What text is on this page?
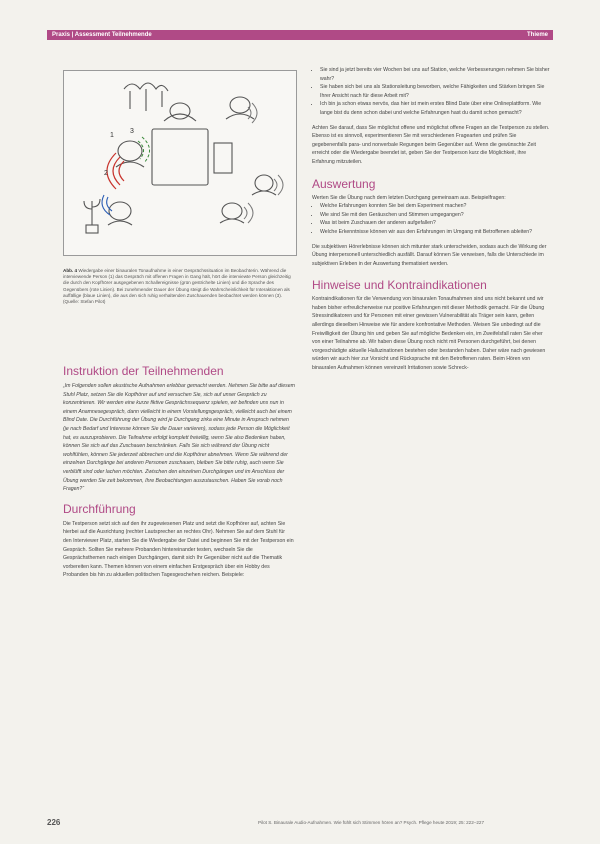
Praxis | Assessment Teilnehmende	Thieme
1
2
3
Abb. 4 Wiedergabe einer binauralen Tonaufnahme in einer Gesprächssituation im Beobachterin. Während die interviewende Person (1) das Gespräch mit offenen Fragen in Gang hält, hört die interviewte Person gleichzeitig die durch den Kopfhörer ausgegebenen Schallereignisse (grün gestrichelte Linien) und die Sprache des Gegenübers (rote Linien). Bei zunehmender Dauer der Übung steigt die Wahrscheinlichkeit für Interaktionen als auffällige (blaue Linien), die aus den sich ruhig verhaltenden Zuschauenden beobachtet werden können (3). (Quelle: Stefan Pilot)
Instruktion der Teilnehmenden

„Im Folgenden sollen akustische Aufnahmen erlebbar gemacht werden. Nehmen Sie bitte auf diesem Stuhl Platz, setzen Sie die Kopfhörer auf und versuchen Sie, sich auf unser Gespräch zu konzentrieren. Wir werden eine kurze fiktive Gesprächssequenz spielen, wir befinden uns nun in einem Anamnesegespräch, dann vielleicht in einem Vorstellungsgespräch, vielleicht auch bei einem Blind Date. Die Durchführung der Übung wird je Durchgang zirka eine Minute in Anspruch nehmen (je nach Bedarf und Interesse können Sie die Dauer variieren), sodass jede Person die Möglichkeit hat, es auszuprobieren. Die Teilnahme erfolgt komplett freiwillig, wenn Sie also Bedenken haben, können Sie sich auf das Zuschauen beschränken. Falls Sie sich während der Übung nicht wohlfühlen, können Sie jederzeit abbrechen und die Kopfhörer abnehmen. Wenn Sie während der einzelnen Durchgänge bei anderen Personen zuschauen, bleiben Sie bitte ruhig, auch wenn Sie verblüfft sind oder lachen möchten. Zwischen den einzelnen Durchgängen und im Anschluss der Übung werden Sie zeit bekommen, Ihre Beobachtungen auszutauschen. Haben Sie vorab noch Fragen?“

Durchführung

Die Testperson setzt sich auf den ihr zugewiesenen Platz und setzt die Kopfhörer auf, achten Sie hierbei auf die Ausrichtung (rechter Lautsprecher an rechtes Ohr). Nehmen Sie auf dem Stuhl für den Interviewer Platz, starten Sie die Wiedergabe der Datei und beginnen Sie mit der Testperson ein Gespräch. Sollten Sie mehrere Probanden hintereinander testen, wechseln Sie die Gesprächsthemen nach einigen Durchgängen, damit sich Ihr Gegenüber nicht auf die Thematik vorbereiten kann. Themen können von einem einfachen Erstgespräch über ein Hobby des Probanden bis hin zu aktuellen politischen Tagesgeschehen reichen. Beispiele:

• Sie sind ja jetzt bereits vier Wochen bei uns auf Station, welche Verbesserungen nehmen Sie bisher wahr?
• Sie haben sich bei uns als Stationsleitung beworben, welche Fähigkeiten und Stärken bringen Sie Ihrer Ansicht nach für diese Arbeit mit?
• Ich bin ja schon etwas nervös, das hier ist mein erstes Blind Date über eine Onlineplattform. Wie lange bist du denn schon dabei und welche Erfahrungen hast du damit schon gemacht?

Achten Sie darauf, dass Sie möglichst offene und möglichst offene Fragen an die Testperson zu stellen. Ebenso ist es sinnvoll, experimentieren Sie mit verschiedenen Fragearten und prüfen Sie gegebenenfalls para- und nonverbale Regungen beim Gegenüber auf. Wenn die gewünschte Zeit erreicht oder die Wiedergabe beendet ist, geben Sie der Testperson kurz die Möglichkeit, ihre Erfahrung mitzuteilen.

Auswertung

Werten Sie die Übung nach dem letzten Durchgang gemeinsam aus. Beispielfragen:

• Welche Erfahrungen konnten Sie bei dem Experiment machen?
• Wie sind Sie mit den Geräuschen und Stimmen umgegangen?
• Was ist beim Zuschauen der anderen aufgefallen?
• Welche Erkenntnisse können wir aus den Erfahrungen im Umgang mit Betroffenen ableiten?

Die subjektiven Hörerlebnisse können sich mitunter stark unterscheiden, sodass auch die Wirkung der Übung interpersonell unterschiedlich ausfällt. Darauf können Sie verweisen, falls die Unterschiede im subjektiven Erleben in der Auswertung thematisiert werden.

Hinweise und Kontraindikationen

Kontraindikationen für die Verwendung von binauralen Tonaufnahmen sind uns nicht bekannt und wir haben bisher erfreulicherweise nur positive Erfahrungen mit dieser Methodik gemacht. Für die Übung Stressindikatoren und für Personen mit einer gewissen Vulnerabilität als Träger sein kann, gelten allerdings dieselben Hinweise wie für andere konfrontative Methoden. Weisen Sie unbedingt auf die Freiwilligkeit der Übung hin und geben Sie auf mögliche Bedenken ein, im Zweifelsfall raten Sie eher von einer Teilnahme ab. Wir haben diese Übung noch nicht mit Personen durchgeführt, bei denen vorgeschädigte aktuelle Halluzinationen bestehen oder bestanden haben. Daher wäre nach gewiesen würden wir auch hier zur Vorsicht und Rücksprache mit den Betroffenen raten. Beim Hören von binauralen Aufnahmen können vereinzelt Irritationen sowie Schreck-

226	Pilot S. Binaurale Audio-Aufnahmen. Wie fühlt sich Stimmen hören an? Psych. Pflege heute 2019; 25: 222–227
